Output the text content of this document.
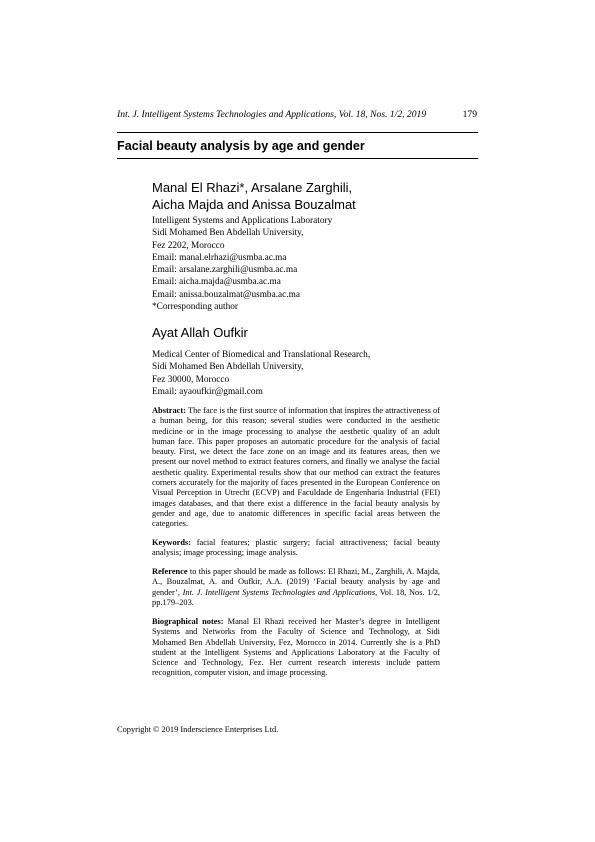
Int. J. Intelligent Systems Technologies and Applications, Vol. 18, Nos. 1/2, 2019	179
Facial beauty analysis by age and gender
Manal El Rhazi*, Arsalane Zarghili,
Aicha Majda and Anissa Bouzalmat
Intelligent Systems and Applications Laboratory
Sidi Mohamed Ben Abdellah University,
Fez 2202, Morocco
Email: manal.elrhazi@usmba.ac.ma
Email: arsalane.zarghili@usmba.ac.ma
Email: aicha.majda@usmba.ac.ma
Email: anissa.bouzalmat@usmba.ac.ma
*Corresponding author
Ayat Allah Oufkir
Medical Center of Biomedical and Translational Research,
Sidi Mohamed Ben Abdellah University,
Fez 30000, Morocco
Email: ayaoufkir@gmail.com

Abstract: The face is the first source of information that inspires the attractiveness of a human being, for this reason; several studies were conducted in the aesthetic medicine or in the image processing to analyse the aesthetic quality of an adult human face. This paper proposes an automatic procedure for the analysis of facial beauty. First, we detect the face zone on an image and its features areas, then we present our novel method to extract features corners, and finally we analyse the facial aesthetic quality. Experimental results show that our method can extract the features corners accurately for the majority of faces presented in the European Conference on Visual Perception in Utrecht (ECVP) and Faculdade de Engenharia Industrial (FEI) images databases, and that there exist a difference in the facial beauty analysis by gender and age, due to anatomic differences in specific facial areas between the categories.

Keywords: facial features; plastic surgery; facial attractiveness; facial beauty analysis; image processing; image analysis.

Reference to this paper should be made as follows: El Rhazi, M., Zarghili, A. Majda, A., Bouzalmat, A. and Oufkir, A.A. (2019) ‘Facial beauty analysis by age and gender’, Int. J. Intelligent Systems Technologies and Applications, Vol. 18, Nos. 1/2, pp.179–203.

Biographical notes: Manal El Rhazi received her Master’s degree in Intelligent Systems and Networks from the Faculty of Science and Technology, at Sidi Mohamed Ben Abdellah University, Fez, Morocco in 2014. Currently she is a PhD student at the Intelligent Systems and Applications Laboratory at the Faculty of Science and Technology, Fez. Her current research interests include pattern recognition, computer vision, and image processing.

Copyright © 2019 Inderscience Enterprises Ltd.
